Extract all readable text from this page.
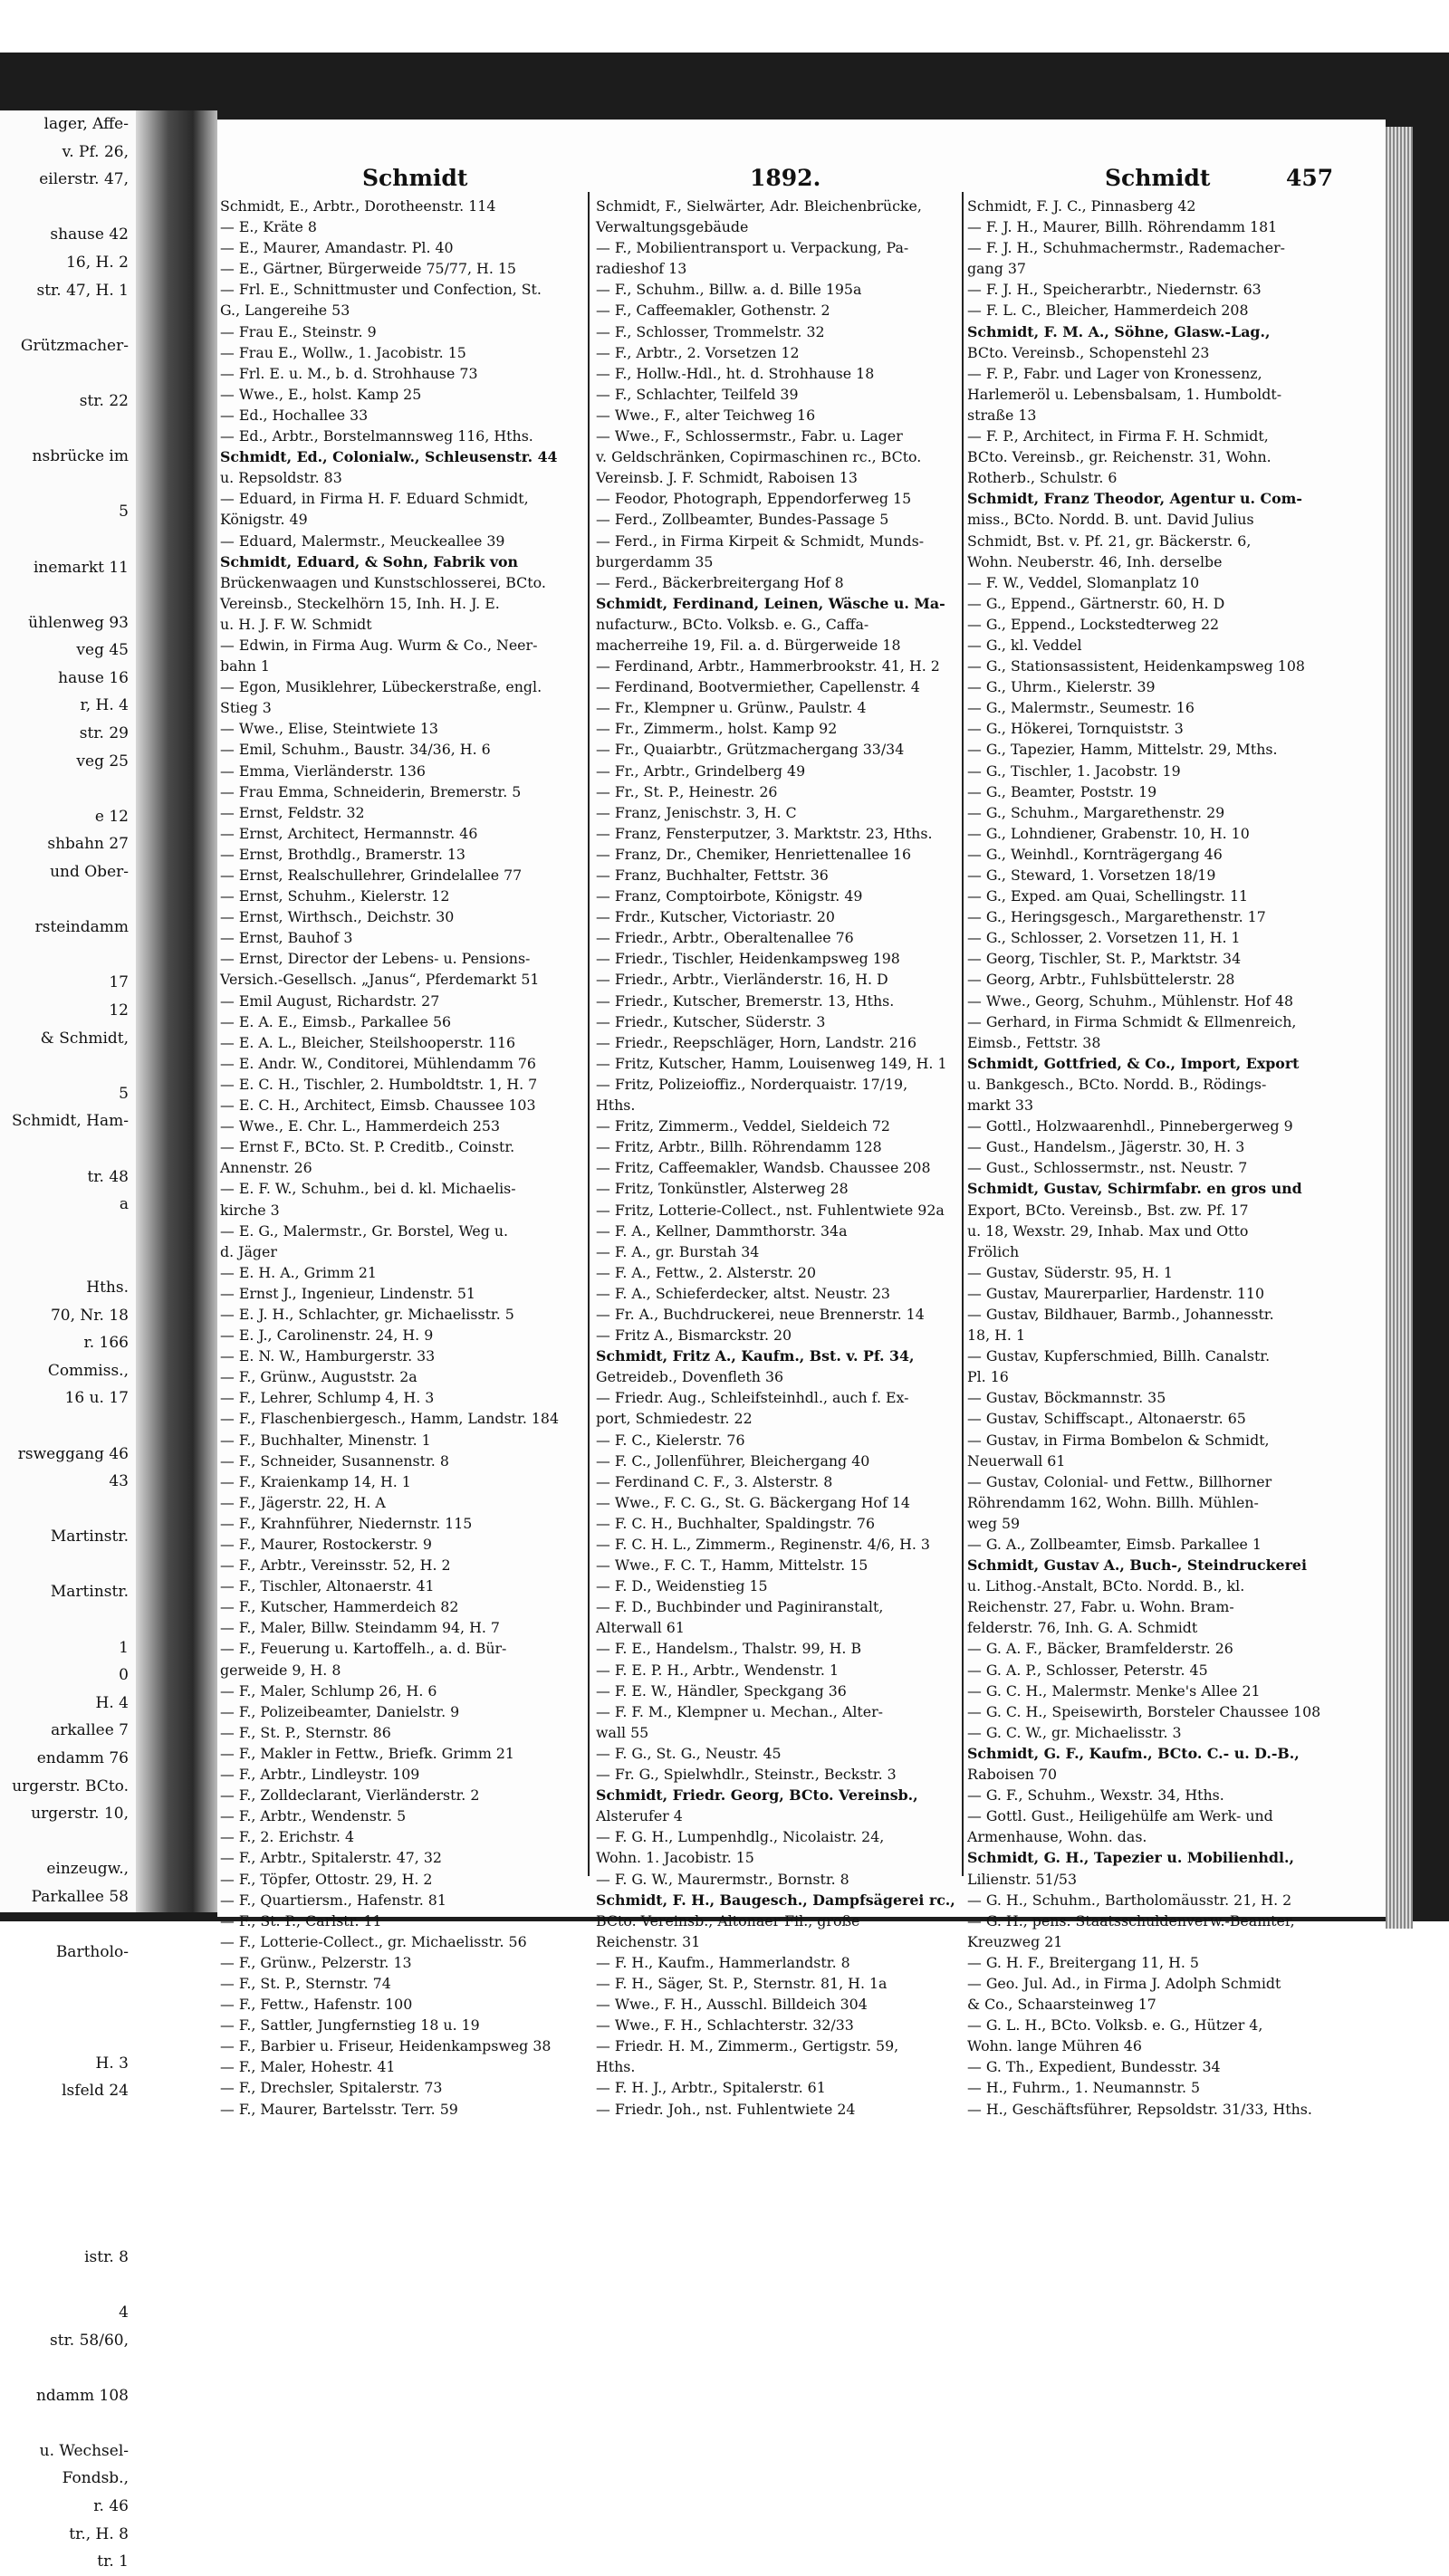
lager, Affe-
v. Pf. 26,
eilerstr. 47,

shause 42
16, H. 2
str. 47, H. 1

Grützmacher-

str. 22

nsbrücke im

5

inemarkt 11

ühlenweg 93
veg 45
hause 16
r, H. 4
str. 29
veg 25

e 12
shbahn 27
und Ober-

rsteindamm

17
12
& Schmidt,

5
Schmidt, Ham-

tr. 48
a

Hths.
70, Nr. 18
r. 166
Commiss.,
16 u. 17

rsweggang 46
43

Martinstr.

Martinstr.

1
0
H. 4
arkallee 7
endamm 76
urgerstr. BCto.
urgerstr. 10,

einzeugw.,
Parkallee 58

Bartholo-

H. 3
lsfeld 24

istr. 8

4
str. 58/60,

ndamm 108

u. Wechsel-
Fondsb.,
r. 46
tr., H. 8
tr. 1
Schmidt	1892.	Schmidt	457
Schmidt, E., Arbtr., Dorotheenstr. 114
— E., Kräte 8
— E., Maurer, Amandastr. Pl. 40
— E., Gärtner, Bürgerweide 75/77, H. 15
— Frl. E., Schnittmuster und Confection, St.
G., Langereihe 53
— Frau E., Steinstr. 9
— Frau E., Wollw., 1. Jacobistr. 15
— Frl. E. u. M., b. d. Strohhause 73
— Wwe., E., holst. Kamp 25
— Ed., Hochallee 33
— Ed., Arbtr., Borstelmannsweg 116, Hths.
Schmidt, Ed., Colonialw., Schleusenstr. 44
u. Repsoldstr. 83
— Eduard, in Firma H. F. Eduard Schmidt,
Königstr. 49
— Eduard, Malermstr., Meuckeallee 39
Schmidt, Eduard, & Sohn, Fabrik von
Brückenwaagen und Kunstschlosserei, BCto.
Vereinsb., Steckelhörn 15, Inh. H. J. E.
u. H. J. F. W. Schmidt
— Edwin, in Firma Aug. Wurm & Co., Neer-
bahn 1
— Egon, Musiklehrer, Lübeckerstraße, engl.
Stieg 3
— Wwe., Elise, Steintwiete 13
— Emil, Schuhm., Baustr. 34/36, H. 6
— Emma, Vierländerstr. 136
— Frau Emma, Schneiderin, Bremerstr. 5
— Ernst, Feldstr. 32
— Ernst, Architect, Hermannstr. 46
— Ernst, Brothdlg., Bramerstr. 13
— Ernst, Realschullehrer, Grindelallee 77
— Ernst, Schuhm., Kielerstr. 12
— Ernst, Wirthsch., Deichstr. 30
— Ernst, Bauhof 3
— Ernst, Director der Lebens- u. Pensions-
Versich.-Gesellsch. „Janus“, Pferdemarkt 51
— Emil August, Richardstr. 27
— E. A. E., Eimsb., Parkallee 56
— E. A. L., Bleicher, Steilshooperstr. 116
— E. Andr. W., Conditorei, Mühlendamm 76
— E. C. H., Tischler, 2. Humboldtstr. 1, H. 7
— E. C. H., Architect, Eimsb. Chaussee 103
— Wwe., E. Chr. L., Hammerdeich 253
— Ernst F., BCto. St. P. Creditb., Coinstr.
Annenstr. 26
— E. F. W., Schuhm., bei d. kl. Michaelis-
kirche 3
— E. G., Malermstr., Gr. Borstel, Weg u.
d. Jäger
— E. H. A., Grimm 21
— Ernst J., Ingenieur, Lindenstr. 51
— E. J. H., Schlachter, gr. Michaelisstr. 5
— E. J., Carolinenstr. 24, H. 9
— E. N. W., Hamburgerstr. 33
— F., Grünw., Auguststr. 2a
— F., Lehrer, Schlump 4, H. 3
— F., Flaschenbiergesch., Hamm, Landstr. 184
— F., Buchhalter, Minenstr. 1
— F., Schneider, Susannenstr. 8
— F., Kraienkamp 14, H. 1
— F., Jägerstr. 22, H. A
— F., Krahnführer, Niedernstr. 115
— F., Maurer, Rostockerstr. 9
— F., Arbtr., Vereinsstr. 52, H. 2
— F., Tischler, Altonaerstr. 41
— F., Kutscher, Hammerdeich 82
— F., Maler, Billw. Steindamm 94, H. 7
— F., Feuerung u. Kartoffelh., a. d. Bür-
gerweide 9, H. 8
— F., Maler, Schlump 26, H. 6
— F., Polizeibeamter, Danielstr. 9
— F., St. P., Sternstr. 86
— F., Makler in Fettw., Briefk. Grimm 21
— F., Arbtr., Lindleystr. 109
— F., Zolldeclarant, Vierländerstr. 2
— F., Arbtr., Wendenstr. 5
— F., 2. Erichstr. 4
— F., Arbtr., Spitalerstr. 47, 32
— F., Töpfer, Ottostr. 29, H. 2
— F., Quartiersm., Hafenstr. 81
— F., St. P., Carlstr. 11
— F., Lotterie-Collect., gr. Michaelisstr. 56
— F., Grünw., Pelzerstr. 13
— F., St. P., Sternstr. 74
— F., Fettw., Hafenstr. 100
— F., Sattler, Jungfernstieg 18 u. 19
— F., Barbier u. Friseur, Heidenkampsweg 38
— F., Maler, Hohestr. 41
— F., Drechsler, Spitalerstr. 73
— F., Maurer, Bartelsstr. Terr. 59
Schmidt, F., Sielwärter, Adr. Bleichenbrücke,
Verwaltungsgebäude
— F., Mobilientransport u. Verpackung, Pa-
radieshof 13
— F., Schuhm., Billw. a. d. Bille 195a
— F., Caffeemakler, Gothenstr. 2
— F., Schlosser, Trommelstr. 32
— F., Arbtr., 2. Vorsetzen 12
— F., Hollw.-Hdl., ht. d. Strohhause 18
— F., Schlachter, Teilfeld 39
— Wwe., F., alter Teichweg 16
— Wwe., F., Schlossermstr., Fabr. u. Lager
v. Geldschränken, Copirmaschinen rc., BCto.
Vereinsb. J. F. Schmidt, Raboisen 13
— Feodor, Photograph, Eppendorferweg 15
— Ferd., Zollbeamter, Bundes-Passage 5
— Ferd., in Firma Kirpeit & Schmidt, Munds-
burgerdamm 35
— Ferd., Bäckerbreitergang Hof 8
Schmidt, Ferdinand, Leinen, Wäsche u. Ma-
nufacturw., BCto. Volksb. e. G., Caffa-
macherreihe 19, Fil. a. d. Bürgerweide 18
— Ferdinand, Arbtr., Hammerbrookstr. 41, H. 2
— Ferdinand, Bootvermiether, Capellenstr. 4
— Fr., Klempner u. Grünw., Paulstr. 4
— Fr., Zimmerm., holst. Kamp 92
— Fr., Quaiarbtr., Grützmachergang 33/34
— Fr., Arbtr., Grindelberg 49
— Fr., St. P., Heinestr. 26
— Franz, Jenischstr. 3, H. C
— Franz, Fensterputzer, 3. Marktstr. 23, Hths.
— Franz, Dr., Chemiker, Henriettenallee 16
— Franz, Buchhalter, Fettstr. 36
— Franz, Comptoirbote, Königstr. 49
— Frdr., Kutscher, Victoriastr. 20
— Friedr., Arbtr., Oberaltenallee 76
— Friedr., Tischler, Heidenkampsweg 198
— Friedr., Arbtr., Vierländerstr. 16, H. D
— Friedr., Kutscher, Bremerstr. 13, Hths.
— Friedr., Kutscher, Süderstr. 3
— Friedr., Reepschläger, Horn, Landstr. 216
— Fritz, Kutscher, Hamm, Louisenweg 149, H. 1
— Fritz, Polizeioffiz., Norderquaistr. 17/19,
Hths.
— Fritz, Zimmerm., Veddel, Sieldeich 72
— Fritz, Arbtr., Billh. Röhrendamm 128
— Fritz, Caffeemakler, Wandsb. Chaussee 208
— Fritz, Tonkünstler, Alsterweg 28
— Fritz, Lotterie-Collect., nst. Fuhlentwiete 92a
— F. A., Kellner, Dammthorstr. 34a
— F. A., gr. Burstah 34
— F. A., Fettw., 2. Alsterstr. 20
— F. A., Schieferdecker, altst. Neustr. 23
— Fr. A., Buchdruckerei, neue Brennerstr. 14
— Fritz A., Bismarckstr. 20
Schmidt, Fritz A., Kaufm., Bst. v. Pf. 34,
Getreideb., Dovenfleth 36
— Friedr. Aug., Schleifsteinhdl., auch f. Ex-
port, Schmiedestr. 22
— F. C., Kielerstr. 76
— F. C., Jollenführer, Bleichergang 40
— Ferdinand C. F., 3. Alsterstr. 8
— Wwe., F. C. G., St. G. Bäckergang Hof 14
— F. C. H., Buchhalter, Spaldingstr. 76
— F. C. H. L., Zimmerm., Reginenstr. 4/6, H. 3
— Wwe., F. C. T., Hamm, Mittelstr. 15
— F. D., Weidenstieg 15
— F. D., Buchbinder und Paginiranstalt,
Alterwall 61
— F. E., Handelsm., Thalstr. 99, H. B
— F. E. P. H., Arbtr., Wendenstr. 1
— F. E. W., Händler, Speckgang 36
— F. F. M., Klempner u. Mechan., Alter-
wall 55
— F. G., St. G., Neustr. 45
— Fr. G., Spielwhdlr., Steinstr., Beckstr. 3
Schmidt, Friedr. Georg, BCto. Vereinsb.,
Alsterufer 4
— F. G. H., Lumpenhdlg., Nicolaistr. 24,
Wohn. 1. Jacobistr. 15
— F. G. W., Maurermstr., Bornstr. 8
Schmidt, F. H., Baugesch., Dampfsägerei rc.,
BCto. Vereinsb., Altonaer Fil., große
Reichenstr. 31
— F. H., Kaufm., Hammerlandstr. 8
— F. H., Säger, St. P., Sternstr. 81, H. 1a
— Wwe., F. H., Ausschl. Billdeich 304
— Wwe., F. H., Schlachterstr. 32/33
— Friedr. H. M., Zimmerm., Gertigstr. 59,
Hths.
— F. H. J., Arbtr., Spitalerstr. 61
— Friedr. Joh., nst. Fuhlentwiete 24
Schmidt, F. J. C., Pinnasberg 42
— F. J. H., Maurer, Billh. Röhrendamm 181
— F. J. H., Schuhmachermstr., Rademacher-
gang 37
— F. J. H., Speicherarbtr., Niedernstr. 63
— F. L. C., Bleicher, Hammerdeich 208
Schmidt, F. M. A., Söhne, Glasw.-Lag.,
BCto. Vereinsb., Schopenstehl 23
— F. P., Fabr. und Lager von Kronessenz,
Harlemeröl u. Lebensbalsam, 1. Humboldt-
straße 13
— F. P., Architect, in Firma F. H. Schmidt,
BCto. Vereinsb., gr. Reichenstr. 31, Wohn.
Rotherb., Schulstr. 6
Schmidt, Franz Theodor, Agentur u. Com-
miss., BCto. Nordd. B. unt. David Julius
Schmidt, Bst. v. Pf. 21, gr. Bäckerstr. 6,
Wohn. Neuberstr. 46, Inh. derselbe
— F. W., Veddel, Slomanplatz 10
— G., Eppend., Gärtnerstr. 60, H. D
— G., Eppend., Lockstedterweg 22
— G., kl. Veddel
— G., Stationsassistent, Heidenkampsweg 108
— G., Uhrm., Kielerstr. 39
— G., Malermstr., Seumestr. 16
— G., Hökerei, Tornquiststr. 3
— G., Tapezier, Hamm, Mittelstr. 29, Mths.
— G., Tischler, 1. Jacobstr. 19
— G., Beamter, Poststr. 19
— G., Schuhm., Margarethenstr. 29
— G., Lohndiener, Grabenstr. 10, H. 10
— G., Weinhdl., Kornträgergang 46
— G., Steward, 1. Vorsetzen 18/19
— G., Exped. am Quai, Schellingstr. 11
— G., Heringsgesch., Margarethenstr. 17
— G., Schlosser, 2. Vorsetzen 11, H. 1
— Georg, Tischler, St. P., Marktstr. 34
— Georg, Arbtr., Fuhlsbüttelerstr. 28
— Wwe., Georg, Schuhm., Mühlenstr. Hof 48
— Gerhard, in Firma Schmidt & Ellmenreich,
Eimsb., Fettstr. 38
Schmidt, Gottfried, & Co., Import, Export
u. Bankgesch., BCto. Nordd. B., Rödings-
markt 33
— Gottl., Holzwaarenhdl., Pinnebergerweg 9
— Gust., Handelsm., Jägerstr. 30, H. 3
— Gust., Schlossermstr., nst. Neustr. 7
Schmidt, Gustav, Schirmfabr. en gros und
Export, BCto. Vereinsb., Bst. zw. Pf. 17
u. 18, Wexstr. 29, Inhab. Max und Otto
Frölich
— Gustav, Süderstr. 95, H. 1
— Gustav, Maurerparlier, Hardenstr. 110
— Gustav, Bildhauer, Barmb., Johannesstr.
18, H. 1
— Gustav, Kupferschmied, Billh. Canalstr.
Pl. 16
— Gustav, Böckmannstr. 35
— Gustav, Schiffscapt., Altonaerstr. 65
— Gustav, in Firma Bombelon & Schmidt,
Neuerwall 61
— Gustav, Colonial- und Fettw., Billhorner
Röhrendamm 162, Wohn. Billh. Mühlen-
weg 59
— G. A., Zollbeamter, Eimsb. Parkallee 1
Schmidt, Gustav A., Buch-, Steindruckerei
u. Lithog.-Anstalt, BCto. Nordd. B., kl.
Reichenstr. 27, Fabr. u. Wohn. Bram-
felderstr. 76, Inh. G. A. Schmidt
— G. A. F., Bäcker, Bramfelderstr. 26
— G. A. P., Schlosser, Peterstr. 45
— G. C. H., Malermstr. Menke's Allee 21
— G. C. H., Speisewirth, Borsteler Chaussee 108
— G. C. W., gr. Michaelisstr. 3
Schmidt, G. F., Kaufm., BCto. C.- u. D.-B.,
Raboisen 70
— G. F., Schuhm., Wexstr. 34, Hths.
— Gottl. Gust., Heiligehülfe am Werk- und
Armenhause, Wohn. das.
Schmidt, G. H., Tapezier u. Mobilienhdl.,
Lilienstr. 51/53
— G. H., Schuhm., Bartholomäusstr. 21, H. 2
— G. H., pens. Staatsschuldenverw.-Beamter,
Kreuzweg 21
— G. H. F., Breitergang 11, H. 5
— Geo. Jul. Ad., in Firma J. Adolph Schmidt
& Co., Schaarsteinweg 17
— G. L. H., BCto. Volksb. e. G., Hützer 4,
Wohn. lange Mühren 46
— G. Th., Expedient, Bundesstr. 34
— H., Fuhrm., 1. Neumannstr. 5
— H., Geschäftsführer, Repsoldstr. 31/33, Hths.
